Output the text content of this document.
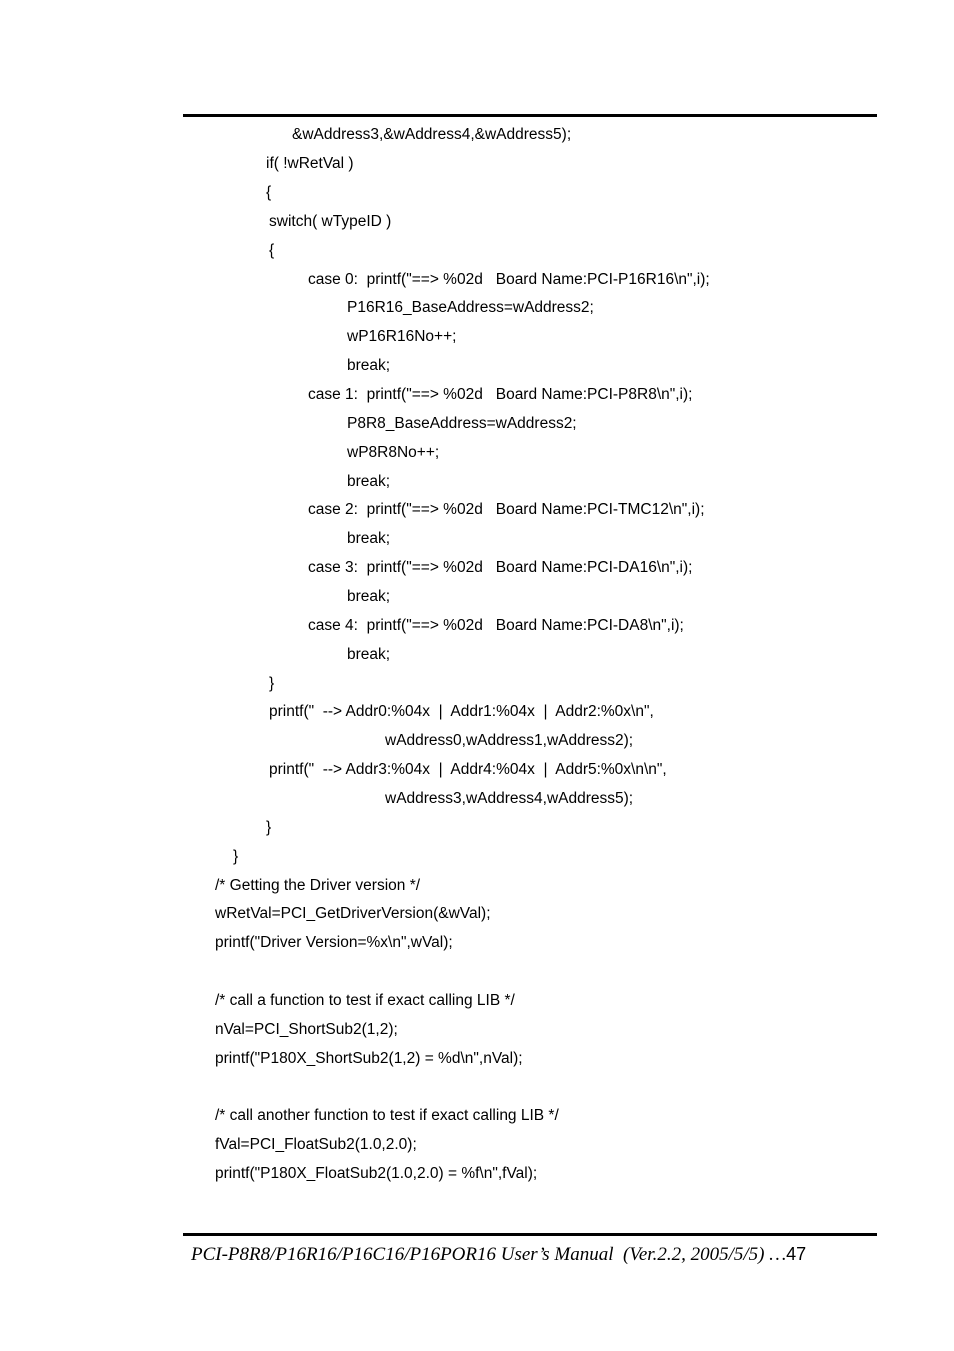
&wAddress3,&wAddress4,&wAddress5);
if( !wRetVal )
{
switch( wTypeID )
{
case 0:  printf("==> %02d   Board Name:PCI-P16R16\n",i);
P16R16_BaseAddress=wAddress2;
wP16R16No++;
break;
case 1:  printf("==> %02d   Board Name:PCI-P8R8\n",i);
P8R8_BaseAddress=wAddress2;
wP8R8No++;
break;
case 2:  printf("==> %02d   Board Name:PCI-TMC12\n",i);
break;
case 3:  printf("==> %02d   Board Name:PCI-DA16\n",i);
break;
case 4:  printf("==> %02d   Board Name:PCI-DA8\n",i);
break;
}
printf("  --> Addr0:%04x  |  Addr1:%04x  |  Addr2:%0x\n",
wAddress0,wAddress1,wAddress2);
printf("  --> Addr3:%04x  |  Addr4:%04x  |  Addr5:%0x\n\n",
wAddress3,wAddress4,wAddress5);
}
}
/* Getting the Driver version */
wRetVal=PCI_GetDriverVersion(&wVal);
printf("Driver Version=%x\n",wVal);
/* call a function to test if exact calling LIB */
nVal=PCI_ShortSub2(1,2);
printf("P180X_ShortSub2(1,2) = %d\n",nVal);
/* call another function to test if exact calling LIB */
fVal=PCI_FloatSub2(1.0,2.0);
printf("P180X_FloatSub2(1.0,2.0) = %f\n",fVal);
PCI-P8R8/P16R16/P16C16/P16POR16 User’s Manual  (Ver.2.2, 2005/5/5) …47
